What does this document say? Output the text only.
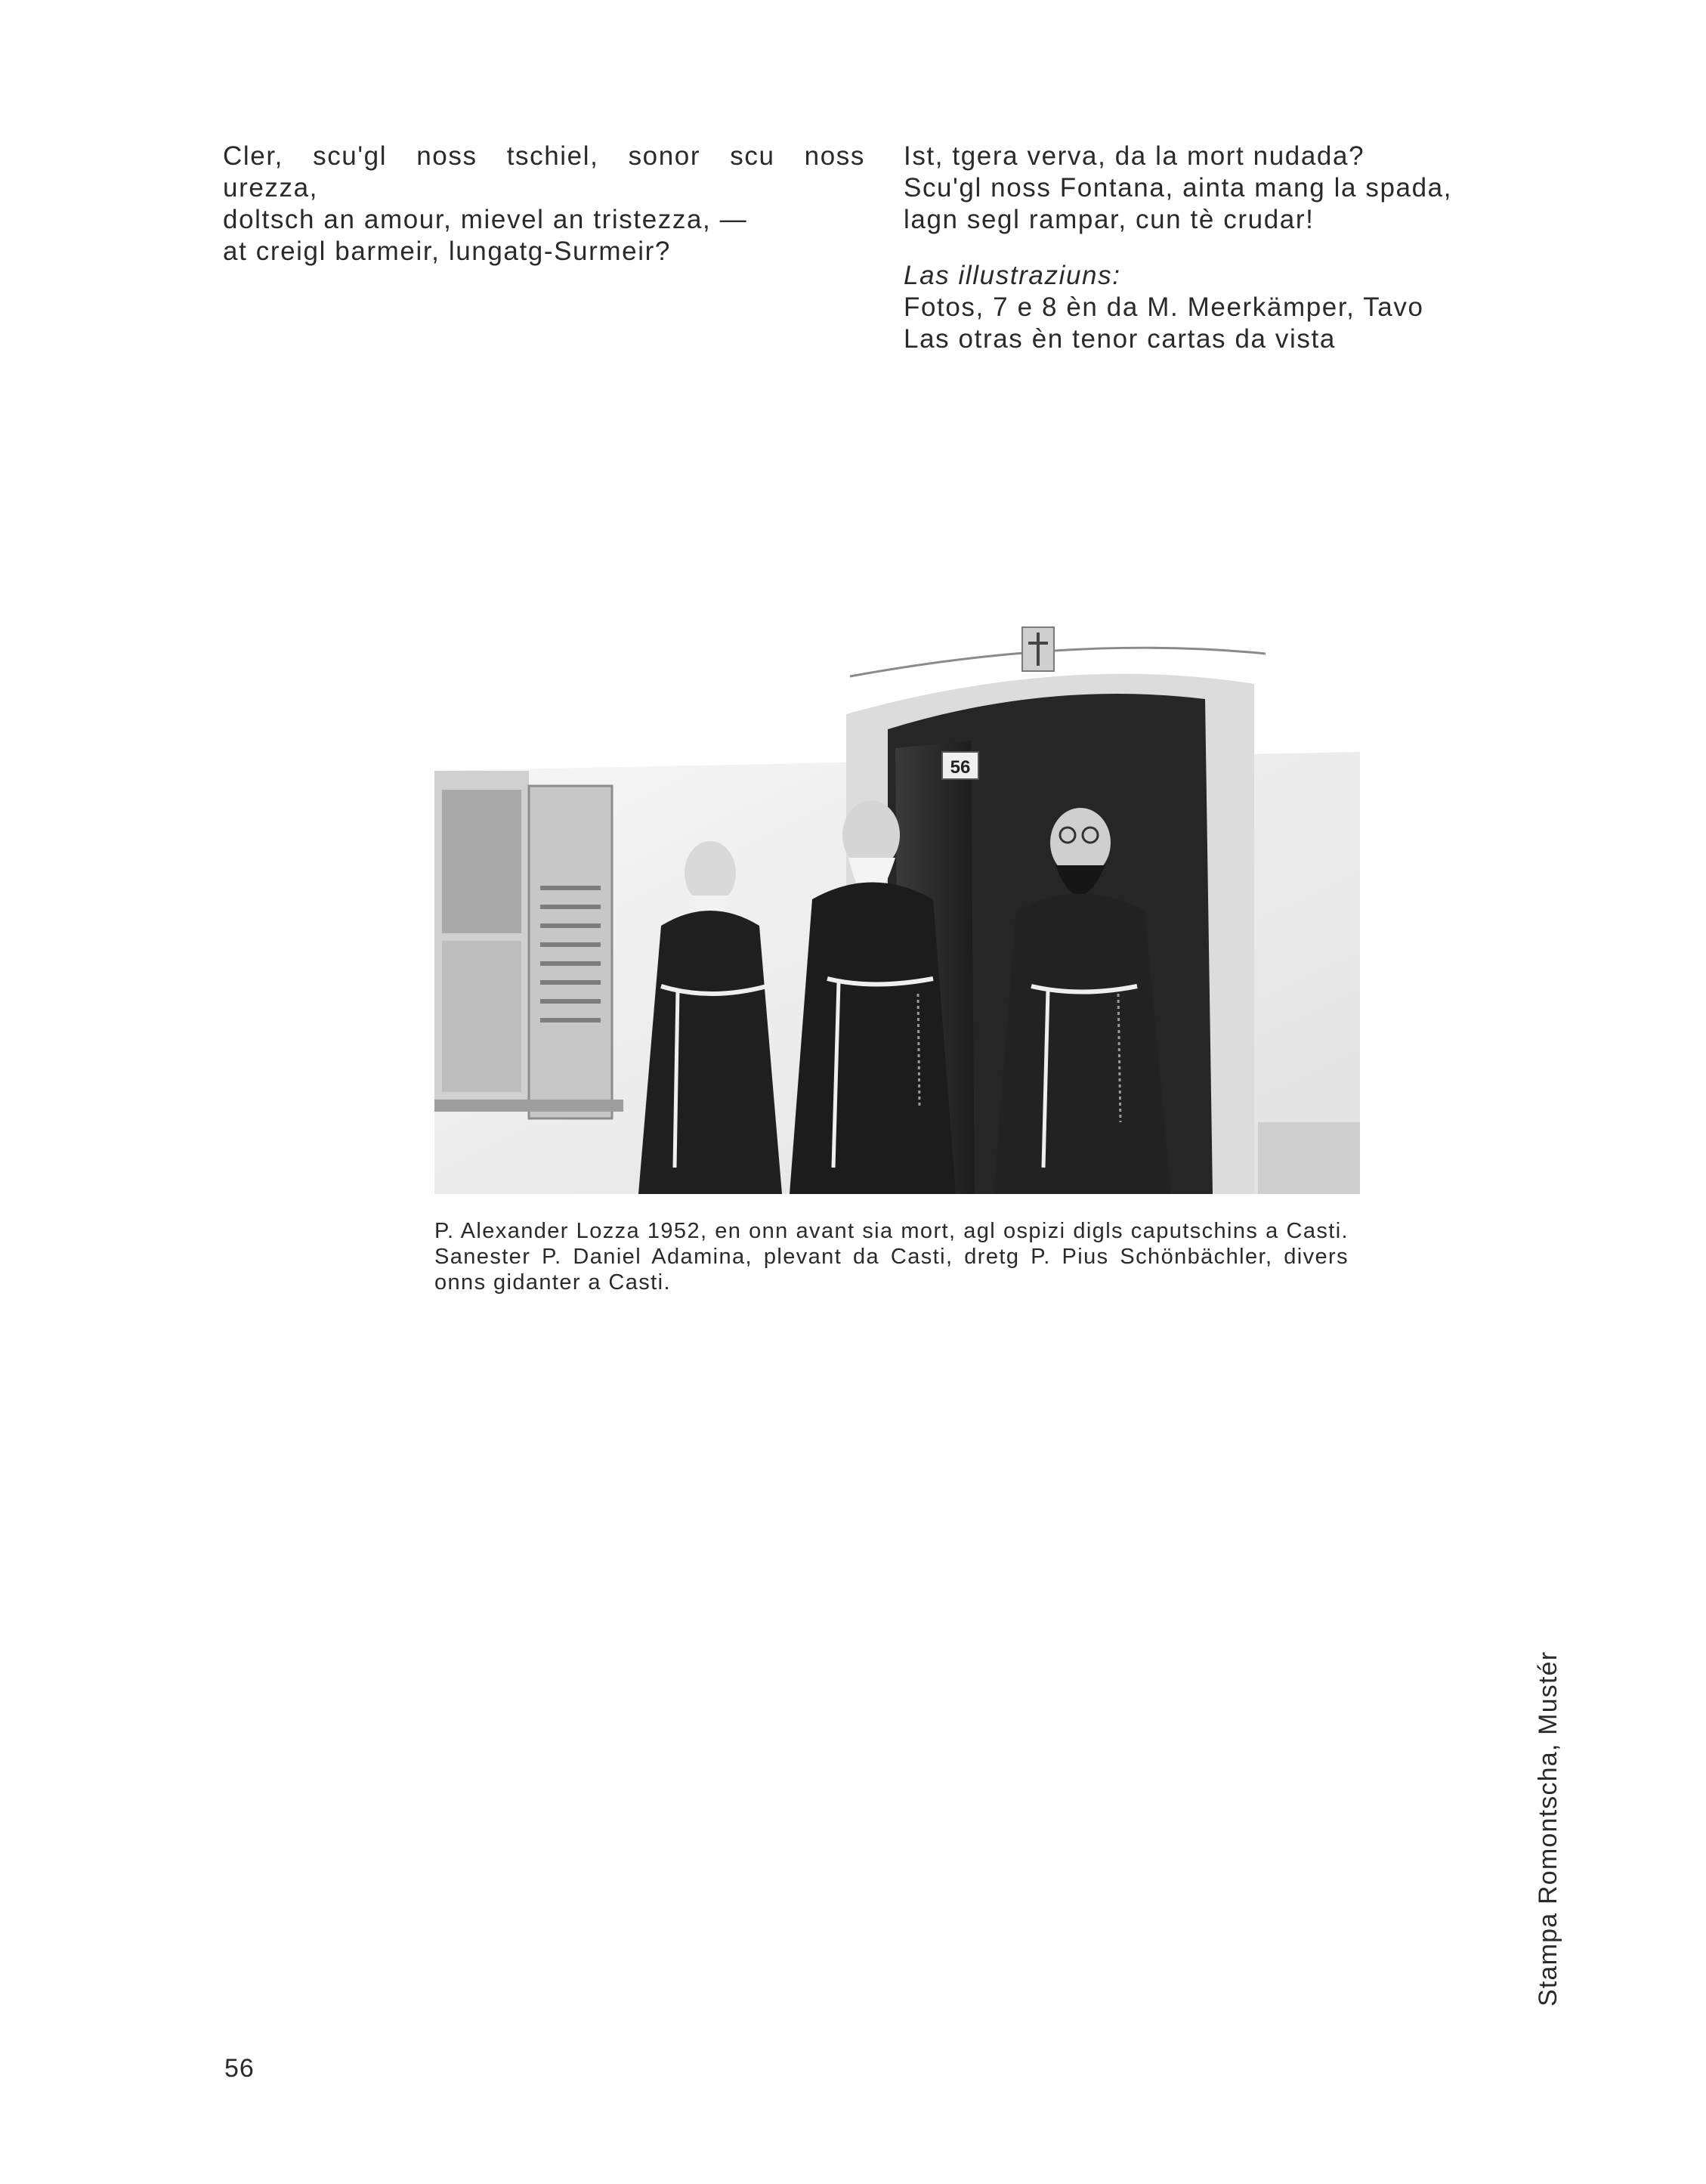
Cler, scu'gl noss tschiel, sonor scu noss
urezza,
doltsch an amour, mievel an tristezza, —
at creigl barmeir, lungatg-Surmeir?
Ist, tgera verva, da la mort nudada?
Scu'gl noss Fontana, ainta mang la spada,
lagn segl rampar, cun tè crudar!
Las illustraziuns:
Fotos, 7 e 8 èn da M. Meerkämper, Tavo
Las otras èn tenor cartas da vista
56
P. Alexander Lozza 1952, en onn avant sia mort, agl ospizi digls caputschins a Casti. Sanester P. Daniel Adamina, plevant da Casti, dretg P. Pius Schönbächler, divers onns gidanter a Casti.
Stampa Romontscha, Mustér
56
